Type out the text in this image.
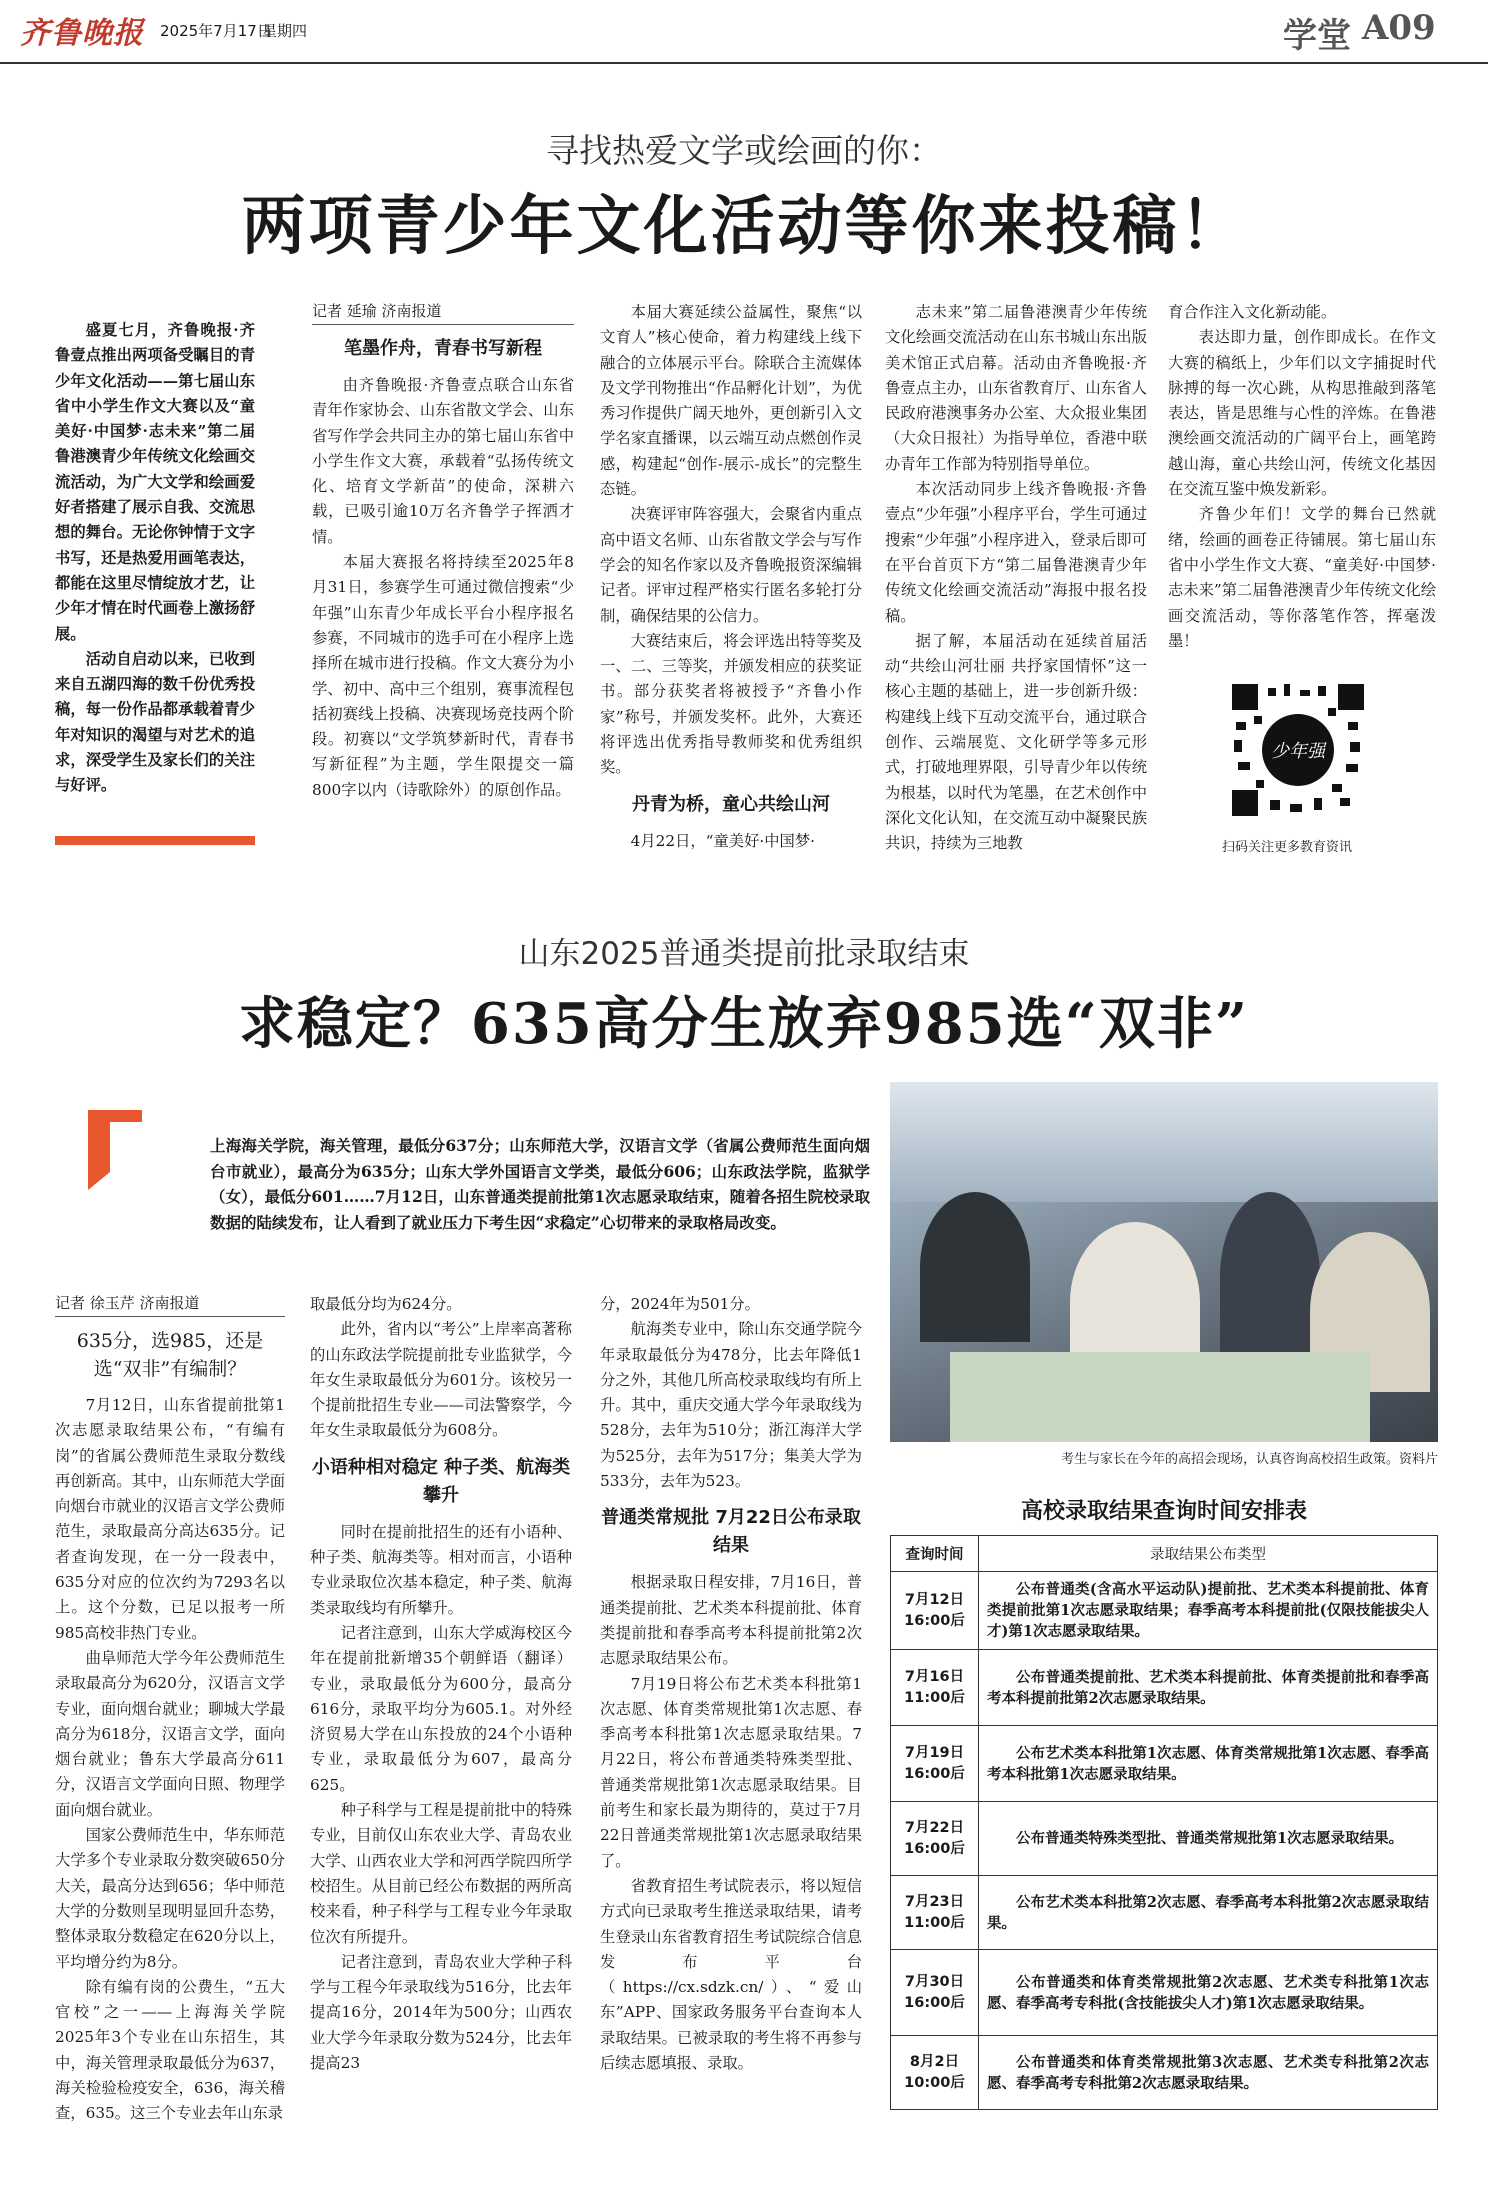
齐鲁晚报 2025年7月17日
星期四	学堂 A09
寻找热爱文学或绘画的你：
两项青少年文化活动等你来投稿！

盛夏七月，齐鲁晚报·齐鲁壹点推出两项备受瞩目的青少年文化活动——第七届山东省中小学生作文大赛以及“童美好·中国梦·志未来”第二届鲁港澳青少年传统文化绘画交流活动，为广大文学和绘画爱好者搭建了展示自我、交流思想的舞台。无论你钟情于文字书写，还是热爱用画笔表达，都能在这里尽情绽放才艺，让少年才情在时代画卷上激扬舒展。

活动自启动以来，已收到来自五湖四海的数千份优秀投稿，每一份作品都承载着青少年对知识的渴望与对艺术的追求，深受学生及家长们的关注与好评。

记者 延瑜 济南报道
笔墨作舟，青春书写新程

由齐鲁晚报·齐鲁壹点联合山东省青年作家协会、山东省散文学会、山东省写作学会共同主办的第七届山东省中小学生作文大赛，承载着“弘扬传统文化、培育文学新苗”的使命，深耕六载，已吸引逾10万名齐鲁学子挥洒才情。

本届大赛报名将持续至2025年8月31日，参赛学生可通过微信搜索“少年强”山东青少年成长平台小程序报名参赛，不同城市的选手可在小程序上选择所在城市进行投稿。作文大赛分为小学、初中、高中三个组别，赛事流程包括初赛线上投稿、决赛现场竞技两个阶段。初赛以“文学筑梦新时代，青春书写新征程”为主题，学生限提交一篇800字以内（诗歌除外）的原创作品。

本届大赛延续公益属性，聚焦“以文育人”核心使命，着力构建线上线下融合的立体展示平台。除联合主流媒体及文学刊物推出“作品孵化计划”，为优秀习作提供广阔天地外，更创新引入文学名家直播课，以云端互动点燃创作灵感，构建起“创作-展示-成长”的完整生态链。

决赛评审阵容强大，会聚省内重点高中语文名师、山东省散文学会与写作学会的知名作家以及齐鲁晚报资深编辑记者。评审过程严格实行匿名多轮打分制，确保结果的公信力。

大赛结束后，将会评选出特等奖及一、二、三等奖，并颁发相应的获奖证书。部分获奖者将被授予“齐鲁小作家”称号，并颁发奖杯。此外，大赛还将评选出优秀指导教师奖和优秀组织奖。

丹青为桥，童心共绘山河

4月22日，“童美好·中国梦·

志未来”第二届鲁港澳青少年传统文化绘画交流活动在山东书城山东出版美术馆正式启幕。活动由齐鲁晚报·齐鲁壹点主办，山东省教育厅、山东省人民政府港澳事务办公室、大众报业集团（大众日报社）为指导单位，香港中联办青年工作部为特别指导单位。

本次活动同步上线齐鲁晚报·齐鲁壹点“少年强”小程序平台，学生可通过搜索“少年强”小程序进入，登录后即可在平台首页下方“第二届鲁港澳青少年传统文化绘画交流活动”海报中报名投稿。

据了解，本届活动在延续首届活动“共绘山河壮丽 共抒家国情怀”这一核心主题的基础上，进一步创新升级：构建线上线下互动交流平台，通过联合创作、云端展览、文化研学等多元形式，打破地理界限，引导青少年以传统为根基，以时代为笔墨，在艺术创作中深化文化认知，在交流互动中凝聚民族共识，持续为三地教

育合作注入文化新动能。

表达即力量，创作即成长。在作文大赛的稿纸上，少年们以文字捕捉时代脉搏的每一次心跳，从构思推敲到落笔表达，皆是思维与心性的淬炼。在鲁港澳绘画交流活动的广阔平台上，画笔跨越山海，童心共绘山河，传统文化基因在交流互鉴中焕发新彩。

齐鲁少年们！文学的舞台已然就绪，绘画的画卷正待铺展。第七届山东省中小学生作文大赛、“童美好·中国梦·志未来”第二届鲁港澳青少年传统文化绘画交流活动，等你落笔作答，挥毫泼墨！

少年强
扫码关注更多教育资讯
山东2025普通类提前批录取结束
求稳定？635高分生放弃985选“双非”
上海海关学院，海关管理，最低分637分；山东师范大学，汉语言文学（省属公费师范生面向烟台市就业），最高分为635分；山东大学外国语言文学类，最低分606；山东政法学院，监狱学（女），最低分601……7月12日，山东普通类提前批第1次志愿录取结束，随着各招生院校录取数据的陆续发布，让人看到了就业压力下考生因“求稳定”心切带来的录取格局改变。
考生与家长在今年的高招会现场，认真咨询高校招生政策。资料片
记者 徐玉芹 济南报道
635分，选985，还是选“双非”有编制？

7月12日，山东省提前批第1次志愿录取结果公布，“有编有岗”的省属公费师范生录取分数线再创新高。其中，山东师范大学面向烟台市就业的汉语言文学公费师范生，录取最高分高达635分。记者查询发现，在一分一段表中，635分对应的位次约为7293名以上。这个分数，已足以报考一所985高校非热门专业。

曲阜师范大学今年公费师范生录取最高分为620分，汉语言文学专业，面向烟台就业；聊城大学最高分为618分，汉语言文学，面向烟台就业；鲁东大学最高分611分，汉语言文学面向日照、物理学面向烟台就业。

国家公费师范生中，华东师范大学多个专业录取分数突破650分大关，最高分达到656；华中师范大学的分数则呈现明显回升态势，整体录取分数稳定在620分以上，平均增分约为8分。

除有编有岗的公费生，“五大官校”之一——上海海关学院2025年3个专业在山东招生，其中，海关管理录取最低分为637，海关检验检疫安全，636，海关稽查，635。这三个专业去年山东录

取最低分均为624分。

此外，省内以“考公”上岸率高著称的山东政法学院提前批专业监狱学，今年女生录取最低分为601分。该校另一个提前批招生专业——司法警察学，今年女生录取最低分为608分。

小语种相对稳定 种子类、航海类攀升

同时在提前批招生的还有小语种、种子类、航海类等。相对而言，小语种专业录取位次基本稳定，种子类、航海类录取线均有所攀升。

记者注意到，山东大学威海校区今年在提前批新增35个朝鲜语（翻译）专业，录取最低分为600分，最高分616分，录取平均分为605.1。对外经济贸易大学在山东投放的24个小语种专业，录取最低分为607，最高分625。

种子科学与工程是提前批中的特殊专业，目前仅山东农业大学、青岛农业大学、山西农业大学和河西学院四所学校招生。从目前已经公布数据的两所高校来看，种子科学与工程专业今年录取位次有所提升。

记者注意到，青岛农业大学种子科学与工程今年录取线为516分，比去年提高16分，2014年为500分；山西农业大学今年录取分数为524分，比去年提高23

分，2024年为501分。

航海类专业中，除山东交通学院今年录取最低分为478分，比去年降低1分之外，其他几所高校录取线均有所上升。其中，重庆交通大学今年录取线为528分，去年为510分；浙江海洋大学为525分，去年为517分；集美大学为533分，去年为523。

普通类常规批 7月22日公布录取结果

根据录取日程安排，7月16日，普通类提前批、艺术类本科提前批、体育类提前批和春季高考本科提前批第2次志愿录取结果公布。

7月19日将公布艺术类本科批第1次志愿、体育类常规批第1次志愿、春季高考本科批第1次志愿录取结果。7月22日，将公布普通类特殊类型批、普通类常规批第1次志愿录取结果。目前考生和家长最为期待的，莫过于7月22日普通类常规批第1次志愿录取结果了。

省教育招生考试院表示，将以短信方式向已录取考生推送录取结果，请考生登录山东省教育招生考试院综合信息发布平台（https://cx.sdzk.cn/）、“爱山东”APP、国家政务服务平台查询本人录取结果。已被录取的考生将不再参与后续志愿填报、录取。

高校录取结果查询时间安排表
查询时间	录取结果公布类型

7月12日
16:00后	公布普通类(含高水平运动队)提前批、艺术类本科提前批、体育类提前批第1次志愿录取结果；春季高考本科提前批(仅限技能拔尖人才)第1次志愿录取结果。

7月16日
11:00后	公布普通类提前批、艺术类本科提前批、体育类提前批和春季高考本科提前批第2次志愿录取结果。

7月19日
16:00后	公布艺术类本科批第1次志愿、体育类常规批第1次志愿、春季高考本科批第1次志愿录取结果。

7月22日
16:00后	公布普通类特殊类型批、普通类常规批第1次志愿录取结果。

7月23日
11:00后	公布艺术类本科批第2次志愿、春季高考本科批第2次志愿录取结果。

7月30日
16:00后	公布普通类和体育类常规批第2次志愿、艺术类专科批第1次志愿、春季高考专科批(含技能拔尖人才)第1次志愿录取结果。

8月2日
10:00后	公布普通类和体育类常规批第3次志愿、艺术类专科批第2次志愿、春季高考专科批第2次志愿录取结果。
